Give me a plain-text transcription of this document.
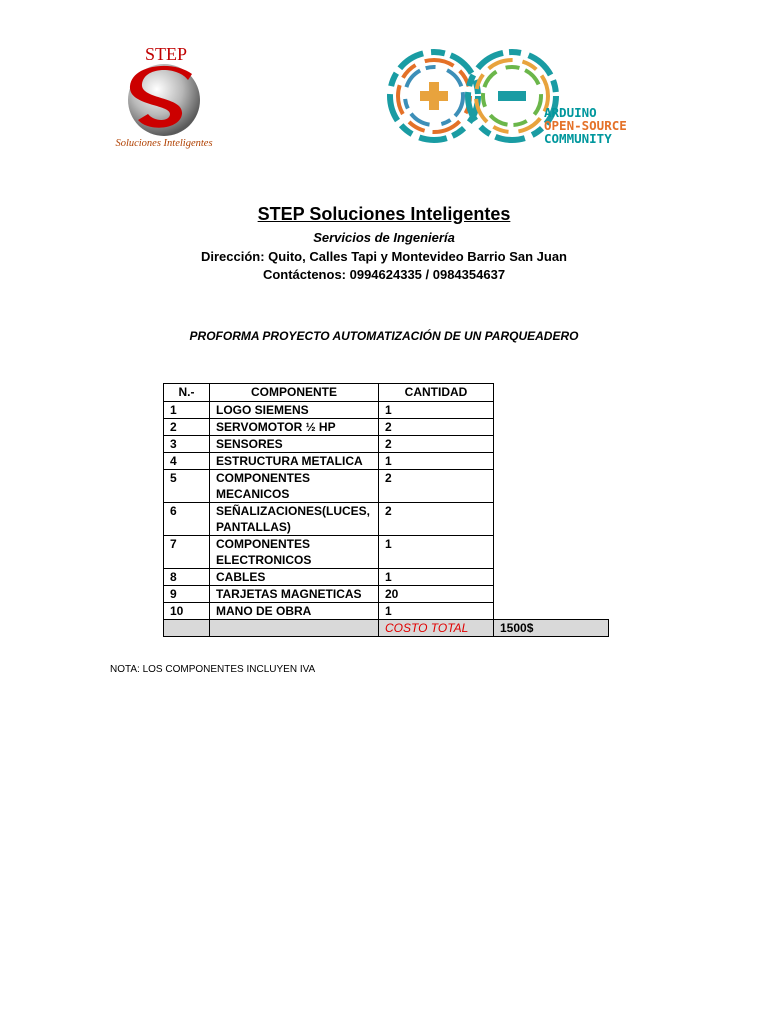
STEP
Soluciones Inteligentes
ARDUINO
OPEN-SOURCE
COMMUNITY
STEP Soluciones Inteligentes
Servicios de Ingeniería
Dirección: Quito, Calles Tapi y Montevideo Barrio San Juan
Contáctenos: 0994624335 / 0984354637
PROFORMA PROYECTO AUTOMATIZACIÓN DE UN PARQUEADERO
N.-	COMPONENTE	CANTIDAD	
1	LOGO SIEMENS	1	
2	SERVOMOTOR ½ HP	2	
3	SENSORES	2	
4	ESTRUCTURA METALICA	1	
5	COMPONENTES MECANICOS	2	
6	SEÑALIZACIONES(LUCES, PANTALLAS)	2	
7	COMPONENTES ELECTRONICOS	1	
8	CABLES	1	
9	TARJETAS MAGNETICAS	20	
10	MANO DE OBRA	1	
		COSTO TOTAL	1500$
NOTA: LOS COMPONENTES INCLUYEN IVA
